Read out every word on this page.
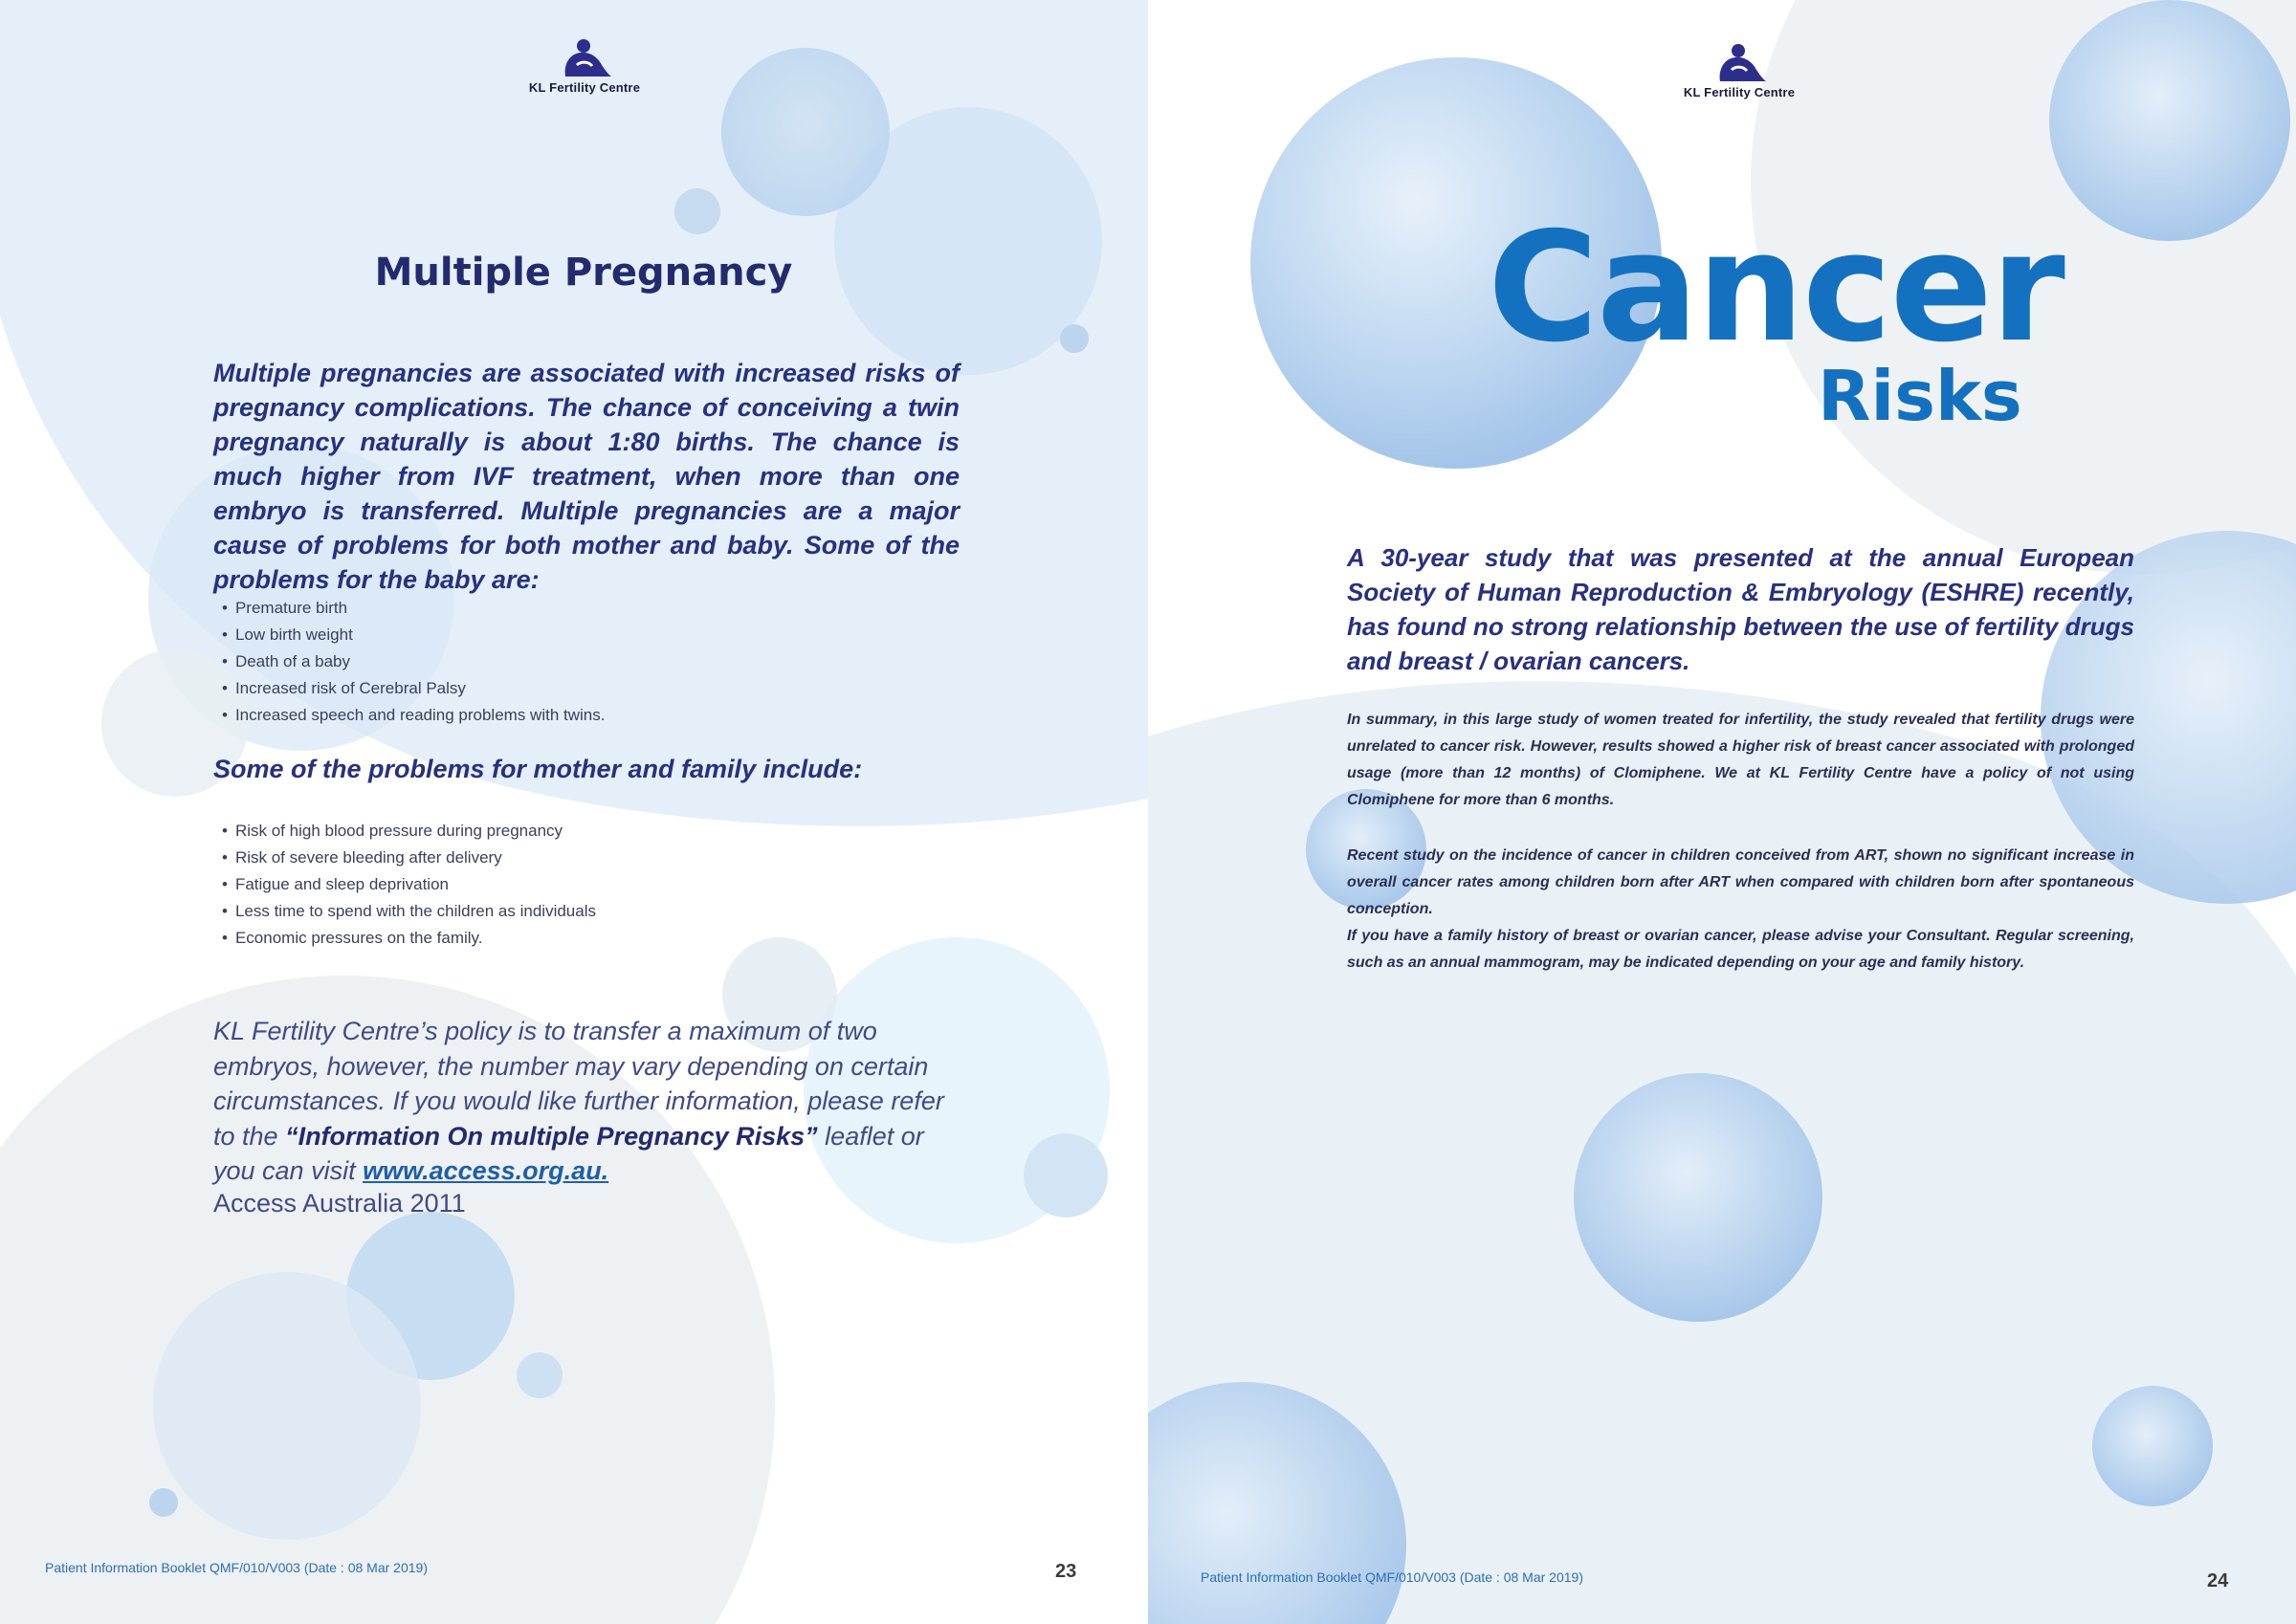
KL Fertility Centre
Multiple Pregnancy

Multiple pregnancies are associated with increased risks of pregnancy complications. The chance of conceiving a twin pregnancy naturally is about 1:80 births. The chance is much higher from IVF treatment, when more than one embryo is transferred. Multiple pregnancies are a major cause of problems for both mother and baby. Some of the problems for the baby are:

• Premature birth
• Low birth weight
• Death of a baby
• Increased risk of Cerebral Palsy
• Increased speech and reading problems with twins.

Some of the problems for mother and family include:

• Risk of high blood pressure during pregnancy
• Risk of severe bleeding after delivery
• Fatigue and sleep deprivation
• Less time to spend with the children as individuals
• Economic pressures on the family.

KL Fertility Centre’s policy is to transfer a maximum of two embryos, however, the number may vary depending on certain circumstances. If you would like further information, please refer to the “Information On multiple Pregnancy Risks” leaflet or you can visit www.access.org.au.

Access Australia 2011

Patient Information Booklet QMF/010/V003 (Date : 08 Mar 2019)	23
KL Fertility Centre
Cancer
Risks

A 30-year study that was presented at the annual European Society of Human Reproduction & Embryology (ESHRE) recently, has found no strong relationship between the use of fertility drugs and breast / ovarian cancers.

In summary, in this large study of women treated for infertility, the study revealed that fertility drugs were unrelated to cancer risk. However, results showed a higher risk of breast cancer associated with prolonged usage (more than 12 months) of Clomiphene. We at KL Fertility Centre have a policy of not using Clomiphene for more than 6 months.

Recent study on the incidence of cancer in children conceived from ART, shown no significant increase in overall cancer rates among children born after ART when compared with children born after spontaneous conception.

If you have a family history of breast or ovarian cancer, please advise your Consultant. Regular screening, such as an annual mammogram, may be indicated depending on your age and family history.

Patient Information Booklet QMF/010/V003 (Date : 08 Mar 2019)	24
